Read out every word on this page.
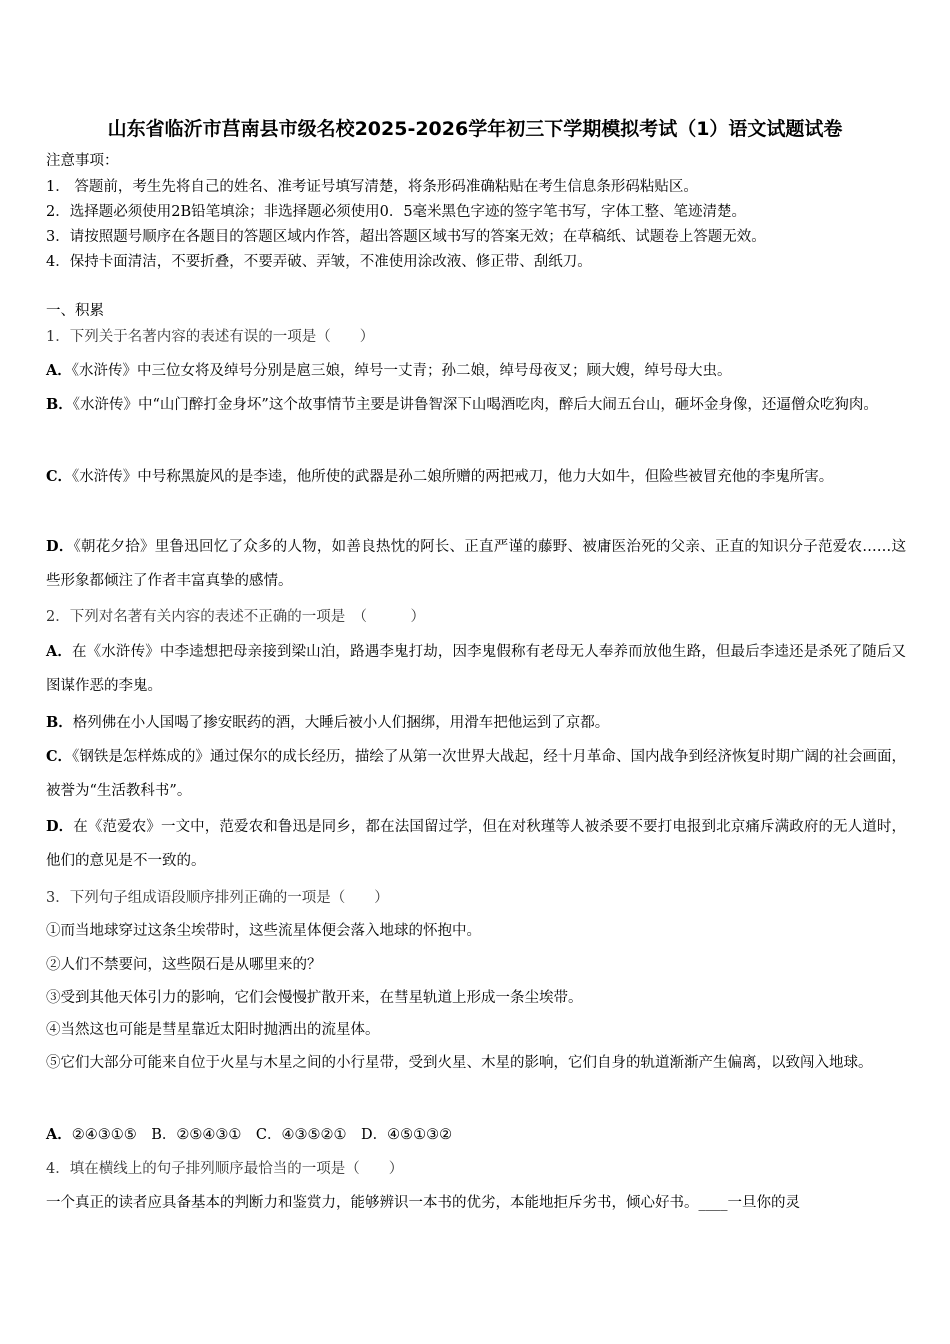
山东省临沂市莒南县市级名校2025-2026学年初三下学期模拟考试（1）语文试题试卷
注意事项：
1． 答题前，考生先将自己的姓名、准考证号填写清楚，将条形码准确粘贴在考生信息条形码粘贴区。
2．选择题必须使用2B铅笔填涂；非选择题必须使用0．5毫米黑色字迹的签字笔书写，字体工整、笔迹清楚。
3．请按照题号顺序在各题目的答题区域内作答，超出答题区域书写的答案无效；在草稿纸、试题卷上答题无效。
4．保持卡面清洁，不要折叠，不要弄破、弄皱，不准使用涂改液、修正带、刮纸刀。
一、积累
1．下列关于名著内容的表述有误的一项是（　　）
A．《水浒传》中三位女将及绰号分别是扈三娘，绰号一丈青；孙二娘，绰号母夜叉；顾大嫂，绰号母大虫。
B．《水浒传》中“山门醉打金身坏”这个故事情节主要是讲鲁智深下山喝酒吃肉，醉后大闹五台山，砸坏金身像，还逼僧众吃狗肉。
C．《水浒传》中号称黑旋风的是李逵，他所使的武器是孙二娘所赠的两把戒刀，他力大如牛，但险些被冒充他的李鬼所害。
D．《朝花夕拾》里鲁迅回忆了众多的人物，如善良热忱的阿长、正直严谨的藤野、被庸医治死的父亲、正直的知识分子范爱农……这些形象都倾注了作者丰富真挚的感情。
2．下列对名著有关内容的表述不正确的一项是　（　　　）
A．在《水浒传》中李逵想把母亲接到梁山泊，路遇李鬼打劫，因李鬼假称有老母无人奉养而放他生路，但最后李逵还是杀死了随后又图谋作恶的李鬼。
B．格列佛在小人国喝了掺安眠药的酒，大睡后被小人们捆绑，用滑车把他运到了京都。
C．《钢铁是怎样炼成的》通过保尔的成长经历，描绘了从第一次世界大战起，经十月革命、国内战争到经济恢复时期广阔的社会画面，被誉为“生活教科书”。
D．在《范爱农》一文中，范爱农和鲁迅是同乡，都在法国留过学，但在对秋瑾等人被杀要不要打电报到北京痛斥满政府的无人道时，他们的意见是不一致的。
3．下列句子组成语段顺序排列正确的一项是（　　）
①而当地球穿过这条尘埃带时，这些流星体便会落入地球的怀抱中。
②人们不禁要问，这些陨石是从哪里来的？
③受到其他天体引力的影响，它们会慢慢扩散开来，在彗星轨道上形成一条尘埃带。
④当然这也可能是彗星靠近太阳时抛洒出的流星体。
⑤它们大部分可能来自位于火星与木星之间的小行星带，受到火星、木星的影响，它们自身的轨道渐渐产生偏离，以致闯入地球。
A．②④③①⑤　B．②⑤④③①　C．④③⑤②①　D．④⑤①③②
4．填在横线上的句子排列顺序最恰当的一项是（　　）
一个真正的读者应具备基本的判断力和鉴赏力，能够辨识一本书的优劣，本能地拒斥劣书，倾心好书。____一旦你的灵
